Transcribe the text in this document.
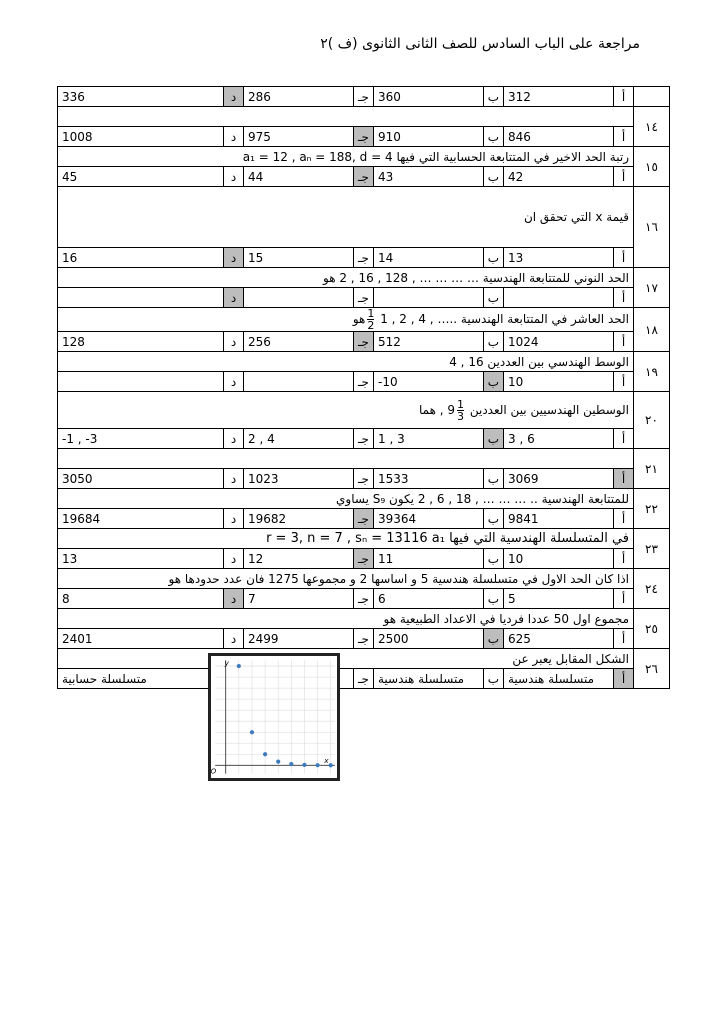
مراجعة على الباب السادس للصف الثانى الثانوى (ف )٢
	أ	312	ب	360	جـ	286	د	336
١٤								
	أ	846	ب	910	جـ	975	د	1008
١٥	رتبة الحد الاخير في المتتابعة الحسابية التي فيها a₁ = 12 , aₙ = 188, d = 4							
	أ	42	ب	43	جـ	44	د	45
١٦	قيمة x التي تحقق ان							
	أ	13	ب	14	جـ	15	د	16
١٧	الحد النوني للمتتابعة الهندسية 2 , 16 , 128 , … … … … هو							
	أ		ب		جـ		د	
١٨	الحد العاشر في المتتابعة الهندسية 1 , 2 , 4 , …..
$\frac{1}{2}$
هو							
	أ	1024	ب	512	جـ	256	د	128
١٩	الوسط الهندسي بين العددين 4 , 16							
	أ	10	ب	-10	جـ		د	
٢٠	الوسطين الهندسيين بين العددين
$\frac{1}{3}$
, 9 هما							
	أ	3 , 6	ب	1 , 3	جـ	2 , 4	د	-1 , -3
٢١								
	أ	3069	ب	1533	جـ	1023	د	3050
٢٢	للمتتابعة الهندسية 2 , 6 , 18 , … … … .. يكون S₉ يساوي							
	أ	9841	ب	39364	جـ	19682	د	19684
٢٣	في المتسلسلة الهندسية التي فيها a₁ r = 3, n = 7 , sₙ = 13116							
	أ	10	ب	11	جـ	12	د	13
٢٤	اذا كان الحد الاول في متسلسلة هندسية 5 و اساسها 2 و مجموعها 1275 فان عدد حدودها هو							
	أ	5	ب	6	جـ	7	د	8
٢٥	مجموع اول 50 عددا فرديا في الاعداد الطبيعية هو							
	أ	625	ب	2500	جـ	2499	د	2401
٢٦	y
x
O
الشكل المقابل يعبر عن							

	أ	متسلسلة هندسية	ب	متسلسلة هندسية	جـ			متسلسلة حسابية
